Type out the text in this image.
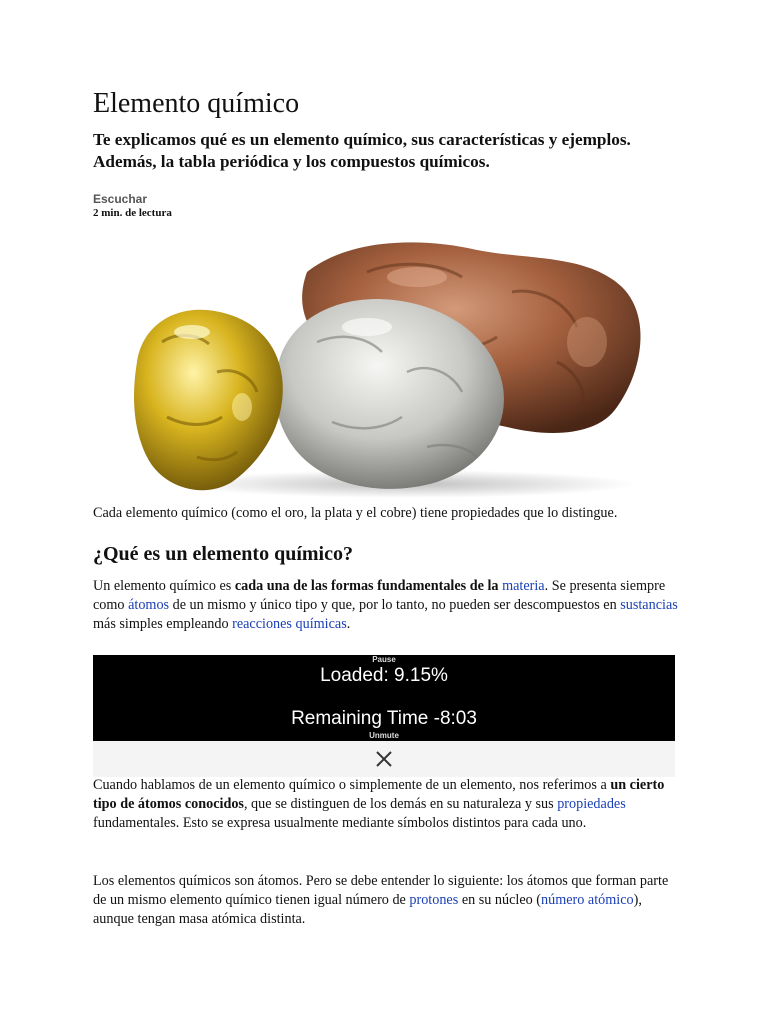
Elemento químico

Te explicamos qué es un elemento químico, sus características y ejemplos. Además, la tabla periódica y los compuestos químicos.

Escuchar
2 min. de lectura

Cada elemento químico (como el oro, la plata y el cobre) tiene propiedades que lo distingue.

¿Qué es un elemento químico?

Un elemento químico es cada una de las formas fundamentales de la materia. Se presenta siempre como átomos de un mismo y único tipo y que, por lo tanto, no pueden ser descompuestos en sustancias más simples empleando reacciones químicas.

Pause
Loaded: 9.15%
Remaining Time -8:03
Unmute

Cuando hablamos de un elemento químico o simplemente de un elemento, nos referimos a un cierto tipo de átomos conocidos, que se distinguen de los demás en su naturaleza y sus propiedades fundamentales. Esto se expresa usualmente mediante símbolos distintos para cada uno.

Los elementos químicos son átomos. Pero se debe entender lo siguiente: los átomos que forman parte de un mismo elemento químico tienen igual número de protones en su núcleo (número atómico), aunque tengan masa atómica distinta.
